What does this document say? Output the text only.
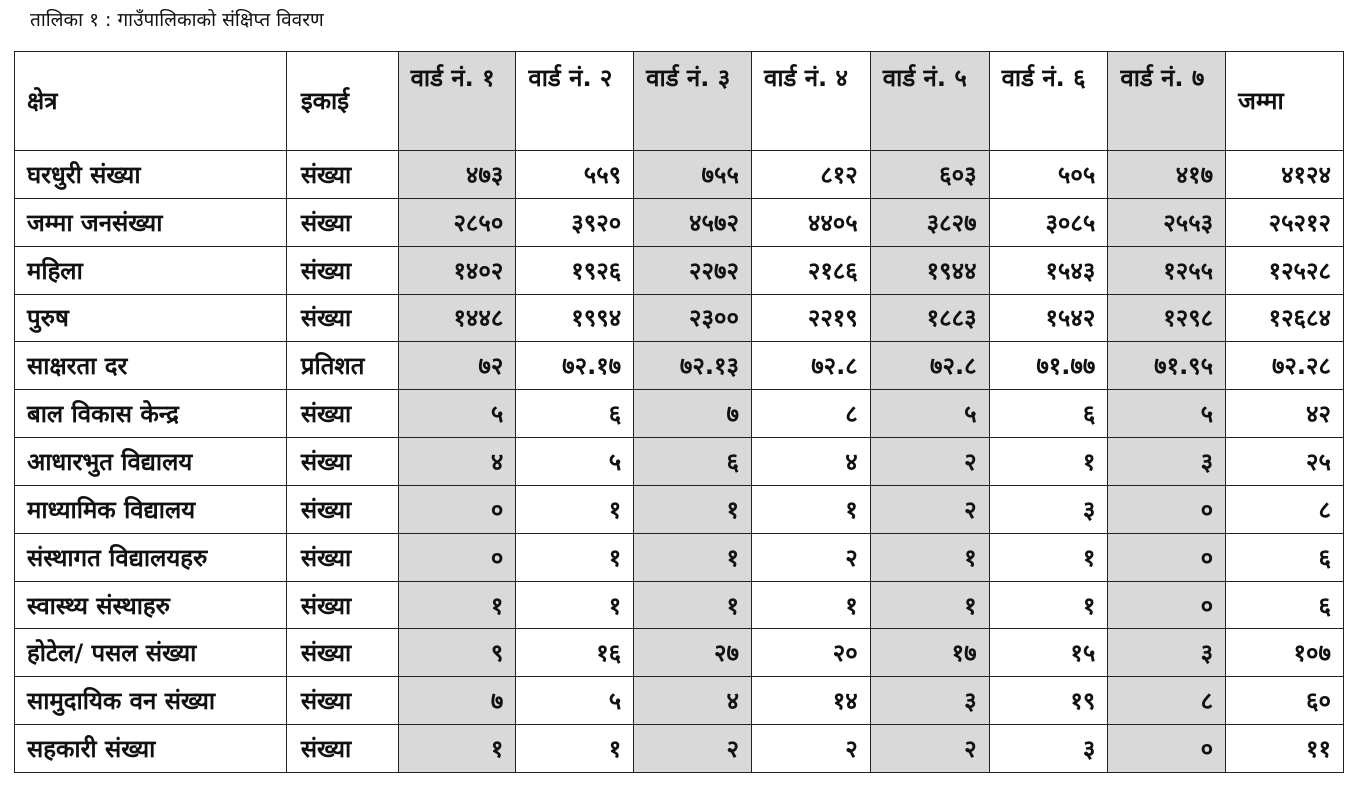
तालिका १ : गाउँपालिकाको संक्षिप्त विवरण
क्षेत्र	इकाई	वार्ड नं. १	वार्ड नं. २	वार्ड नं. ३	वार्ड नं. ४	वार्ड नं. ५	वार्ड नं. ६	वार्ड नं. ७	जम्मा
घरधुरी संख्या	संख्या	४७३	५५९	७५५	८१२	६०३	५०५	४१७	४१२४
जम्मा जनसंख्या	संख्या	२८५०	३९२०	४५७२	४४०५	३८२७	३०८५	२५५३	२५२१२
महिला	संख्या	१४०२	१९२६	२२७२	२१८६	१९४४	१५४३	१२५५	१२५२८
पुरुष	संख्या	१४४८	१९९४	२३००	२२१९	१८८३	१५४२	१२९८	१२६८४
साक्षरता दर	प्रतिशत	७२	७२.१७	७२.१३	७२.८	७२.८	७१.७७	७१.९५	७२.२८
बाल विकास केन्द्र	संख्या	५	६	७	८	५	६	५	४२
आधारभुत विद्यालय	संख्या	४	५	६	४	२	१	३	२५
माध्यामिक विद्यालय	संख्या	०	१	१	१	२	३	०	८
संस्थागत विद्यालयहरु	संख्या	०	१	१	२	१	१	०	६
स्वास्थ्य संस्थाहरु	संख्या	१	१	१	१	१	१	०	६
होटेल/ पसल संख्या	संख्या	९	१६	२७	२०	१७	१५	३	१०७
सामुदायिक वन संख्या	संख्या	७	५	४	१४	३	१९	८	६०
सहकारी संख्या	संख्या	१	१	२	२	२	३	०	११
